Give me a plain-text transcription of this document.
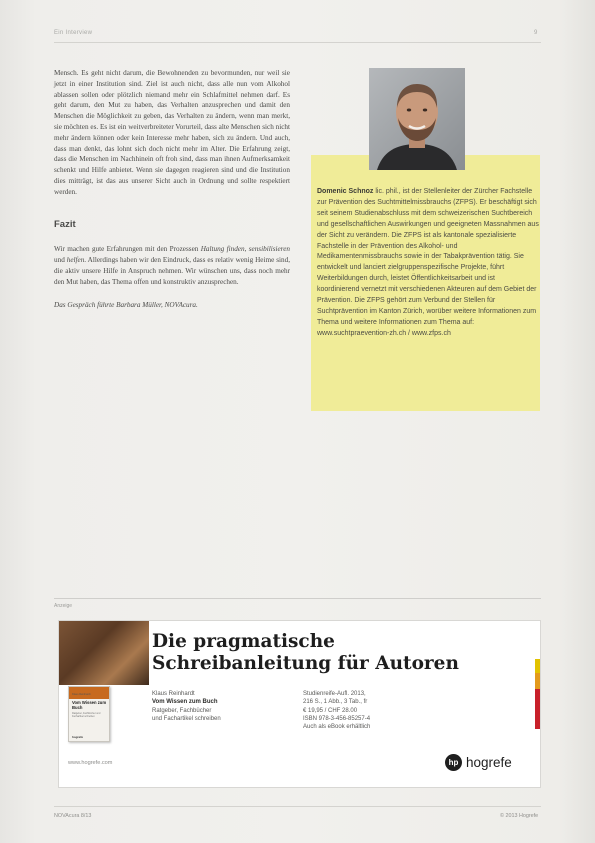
Ein Interview	9

Mensch. Es geht nicht darum, die Bewohnenden zu bevormunden, nur weil sie jetzt in einer Institution sind. Ziel ist auch nicht, dass alle nun vom Alkohol ablassen sollen oder plötzlich niemand mehr ein Schlafmittel nehmen darf. Es geht darum, den Mut zu haben, das Verhalten anzusprechen und damit den Menschen die Möglichkeit zu geben, das Verhalten zu ändern, wenn man merkt, sie möchten es. Es ist ein weitverbreiteter Vorurteil, dass alte Menschen sich nicht mehr ändern können oder kein Interesse mehr haben, sich zu ändern. Und auch, dass man denkt, das lohnt sich doch nicht mehr im Alter. Die Erfahrung zeigt, dass die Menschen im Nachhinein oft froh sind, dass man ihnen Aufmerksamkeit schenkt und Hilfe anbietet. Wenn sie dagegen reagieren sind und die Institution dies mitträgt, ist das aus unserer Sicht auch in Ordnung und sollte respektiert werden.

Fazit

Wir machen gute Erfahrungen mit den Prozessen Haltung finden, sensibilisieren und helfen. Allerdings haben wir den Eindruck, dass es relativ wenig Heime sind, die aktiv unsere Hilfe in Anspruch nehmen. Wir wünschen uns, dass noch mehr den Mut haben, das Thema offen und konstruktiv anzusprechen.

Das Gespräch führte Barbara Müller, NOVAcura.

Domenic Schnoz lic. phil., ist der Stellenleiter der Zürcher Fachstelle zur Prävention des Suchtmittelmissbrauchs (ZFPS). Er beschäftigt sich seit seinem Studienabschluss mit dem schweizerischen Suchtbereich und gesellschaftlichen Auswirkungen und geeigneten Massnahmen aus der Sicht zu verändern. Die ZFPS ist als kantonale spezialisierte Fachstelle in der Prävention des Alkohol- und Medikamentenmissbrauchs sowie in der Tabakprävention tätig. Sie entwickelt und lanciert zielgruppenspezifische Projekte, führt Weiterbildungen durch, leistet Öffentlichkeitsarbeit und ist koordinierend vernetzt mit verschiedenen Akteuren auf dem Gebiet der Prävention. Die ZFPS gehört zum Verbund der Stellen für Suchtprävention im Kanton Zürich, worüber weitere Informationen zum Thema und weitere Informationen zum Thema auf:
www.suchtpraevention-zh.ch / www.zfps.ch
Anzeige
Die pragmatische
Schreibanleitung für Autoren
Klaus Reinhardt
Vom Wissen zum Buch
Ratgeber, Fachbücher und Fachartikel schreiben
hogrefe
Klaus Reinhardt
Vom Wissen zum Buch
Ratgeber, Fachbücher
und Fachartikel schreiben
Studienreife-Aufl. 2013,
216 S., 1 Abb., 3 Tab., fr
€ 19,95 / CHF 28.00
ISBN 978-3-456-85257-4
Auch als eBook erhältlich
www.hogrefe.com	hp hogrefe
NOVAcura 8/13	© 2013 Hogrefe
